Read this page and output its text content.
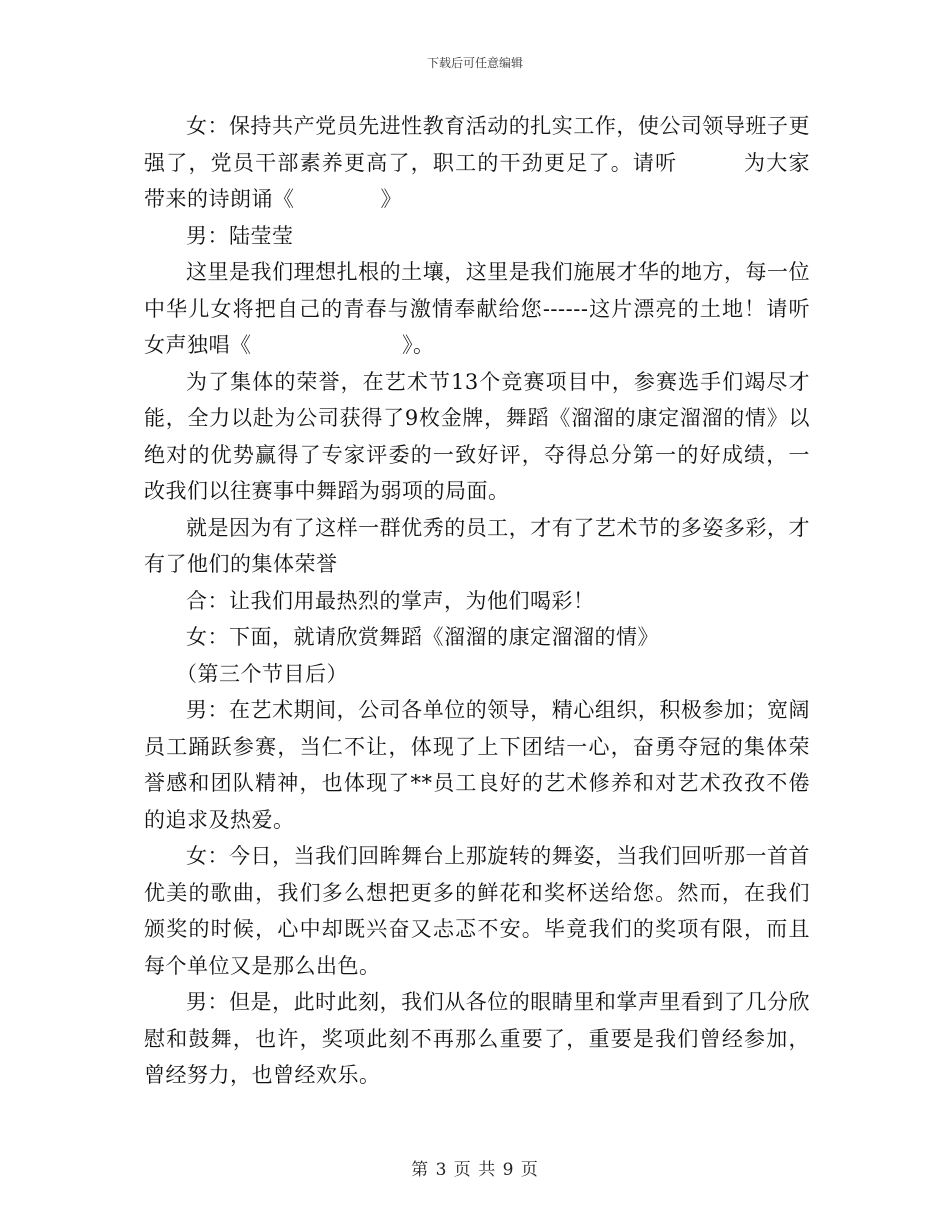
下载后可任意编辑

女：保持共产党员先进性教育活动的扎实工作，使公司领导班子更强了，党员干部素养更高了，职工的干劲更足了。请听　　　为大家带来的诗朗诵《　　　　》

男：陆莹莹

这里是我们理想扎根的土壤，这里是我们施展才华的地方，每一位中华儿女将把自己的青春与激情奉献给您------这片漂亮的土地！请听女声独唱《　　　　　　　》。

为了集体的荣誉，在艺术节13个竞赛项目中，参赛选手们竭尽才能，全力以赴为公司获得了9枚金牌，舞蹈《溜溜的康定溜溜的情》以绝对的优势赢得了专家评委的一致好评，夺得总分第一的好成绩，一改我们以往赛事中舞蹈为弱项的局面。

就是因为有了这样一群优秀的员工，才有了艺术节的多姿多彩，才有了他们的集体荣誉

合：让我们用最热烈的掌声，为他们喝彩！

女：下面，就请欣赏舞蹈《溜溜的康定溜溜的情》

（第三个节目后）

男：在艺术期间，公司各单位的领导，精心组织，积极参加；宽阔员工踊跃参赛，当仁不让，体现了上下团结一心，奋勇夺冠的集体荣誉感和团队精神，也体现了**员工良好的艺术修养和对艺术孜孜不倦的追求及热爱。

女：今日，当我们回眸舞台上那旋转的舞姿，当我们回听那一首首优美的歌曲，我们多么想把更多的鲜花和奖杯送给您。然而，在我们颁奖的时候，心中却既兴奋又忐忑不安。毕竟我们的奖项有限，而且每个单位又是那么出色。

男：但是，此时此刻，我们从各位的眼睛里和掌声里看到了几分欣慰和鼓舞，也许，奖项此刻不再那么重要了，重要是我们曾经参加，曾经努力，也曾经欢乐。

第 3 页 共 9 页
